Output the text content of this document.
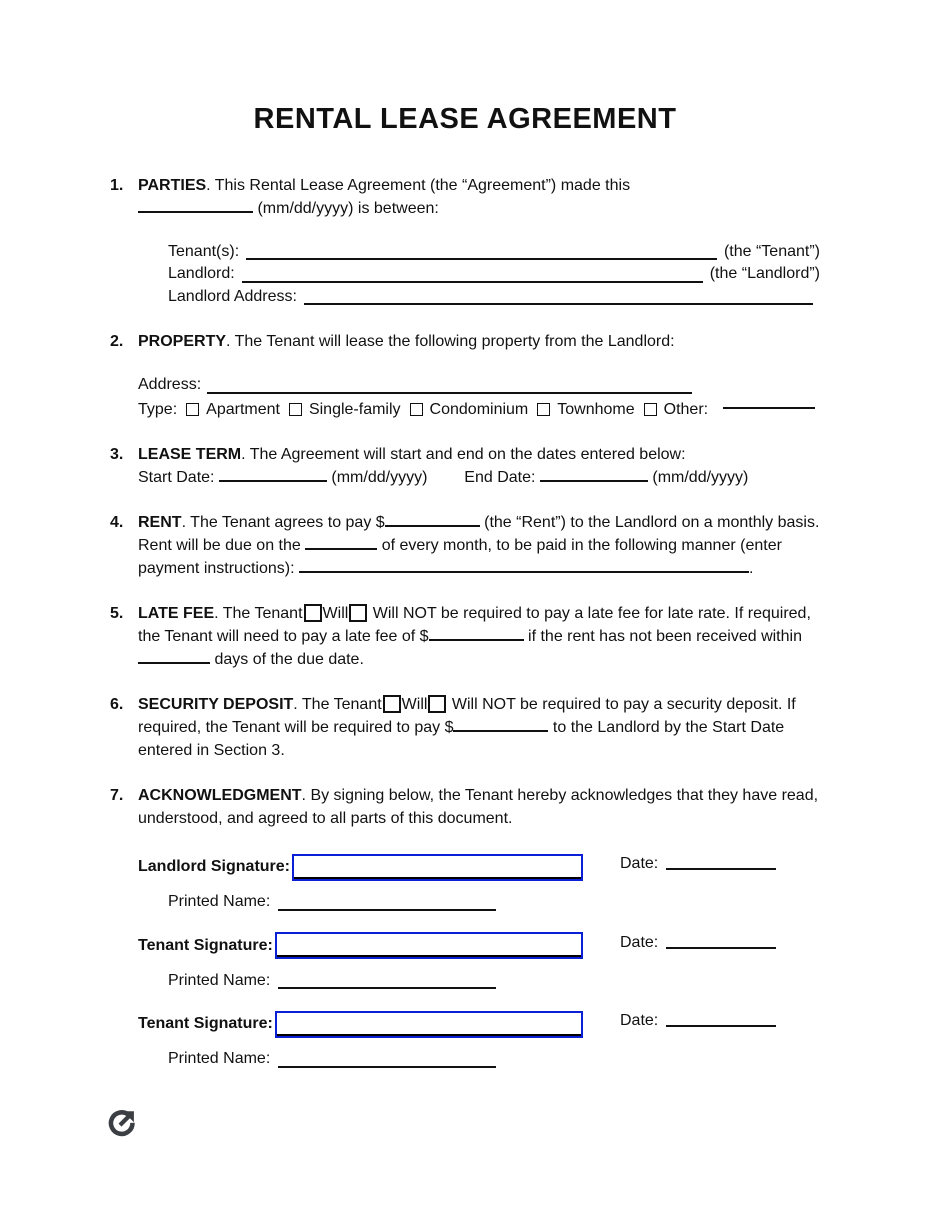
RENTAL LEASE AGREEMENT
1. PARTIES. This Rental Lease Agreement (the “Agreement”) made this
(mm/dd/yyyy) is between:

Tenant(s):	(the “Tenant”)
Landlord:	(the “Landlord”)
Landlord Address:
2. PROPERTY. The Tenant will lease the following property from the Landlord:

Address:
Type: Apartment Single-family Condominium Townhome Other:
3. LEASE TERM. The Agreement will start and end on the dates entered below:
Start Date:	(mm/dd/yyyy) End Date:	(mm/dd/yyyy)

4. RENT. The Tenant agrees to pay $	(the “Rent”) to the Landlord on a monthly basis. Rent will be due on the	of every month, to be paid in the following manner (enter payment instructions):	.

5. LATE FEE. The Tenant Will Will NOT be required to pay a late fee for late rate. If required, the Tenant will need to pay a late fee of $	if the rent has not been received within  days of the due date.

6. SECURITY DEPOSIT. The Tenant Will Will NOT be required to pay a security deposit. If required, the Tenant will be required to pay $	to the Landlord by the Start Date entered in Section 3.

7. ACKNOWLEDGMENT. By signing below, the Tenant hereby acknowledges that they have read, understood, and agreed to all parts of this document.

Landlord Signature:	Date:
Printed Name:
Tenant Signature:	Date:
Printed Name:
Tenant Signature:	Date:
Printed Name:
